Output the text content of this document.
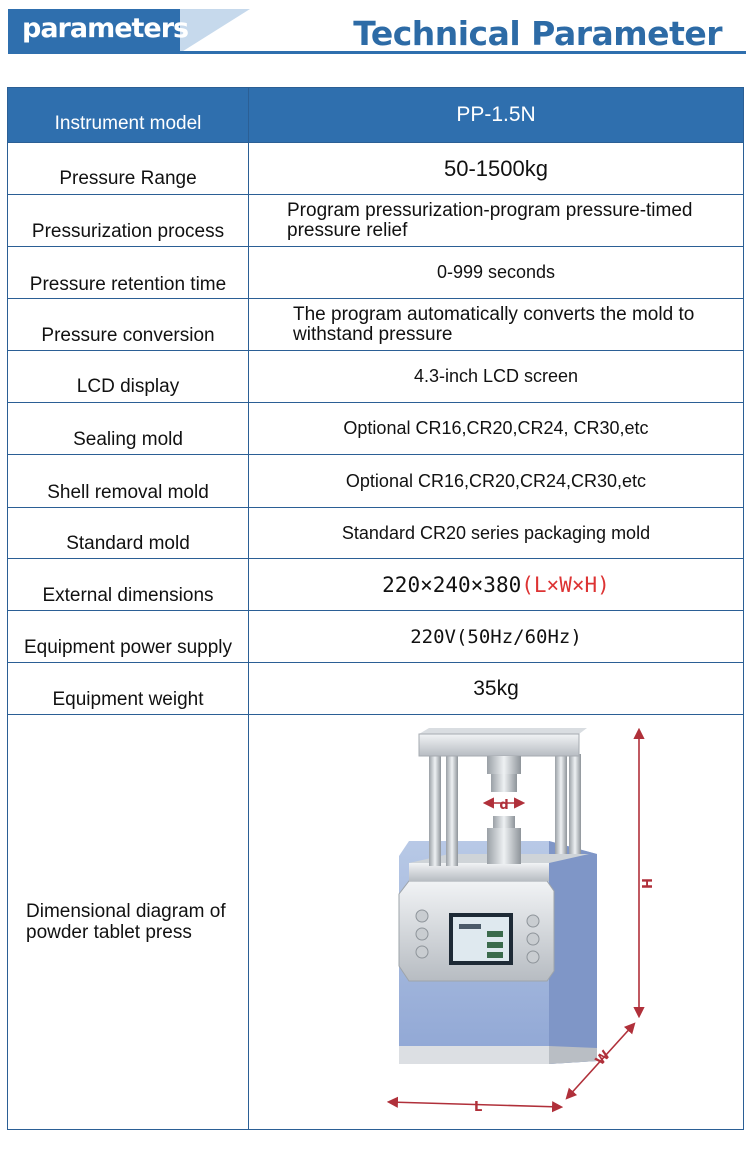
parameters	Technical Parameter
Instrument model	PP-1.5N

Pressure Range	50-1500kg

Pressurization process	Program pressurization-program pressure-timed pressure relief

Pressure retention time	0-999 seconds

Pressure conversion	The program automatically converts the mold to withstand pressure

LCD display	4.3-inch LCD screen

Sealing mold	Optional CR16,CR20,CR24, CR30,etc

Shell removal mold	Optional CR16,CR20,CR24,CR30,etc

Standard mold	Standard CR20 series packaging mold

External dimensions	220×240×380(L×W×H)

Equipment power supply	220V(50Hz/60Hz)

Equipment weight	35kg

Dimensional diagram of powder tablet press	d
H
W
L
